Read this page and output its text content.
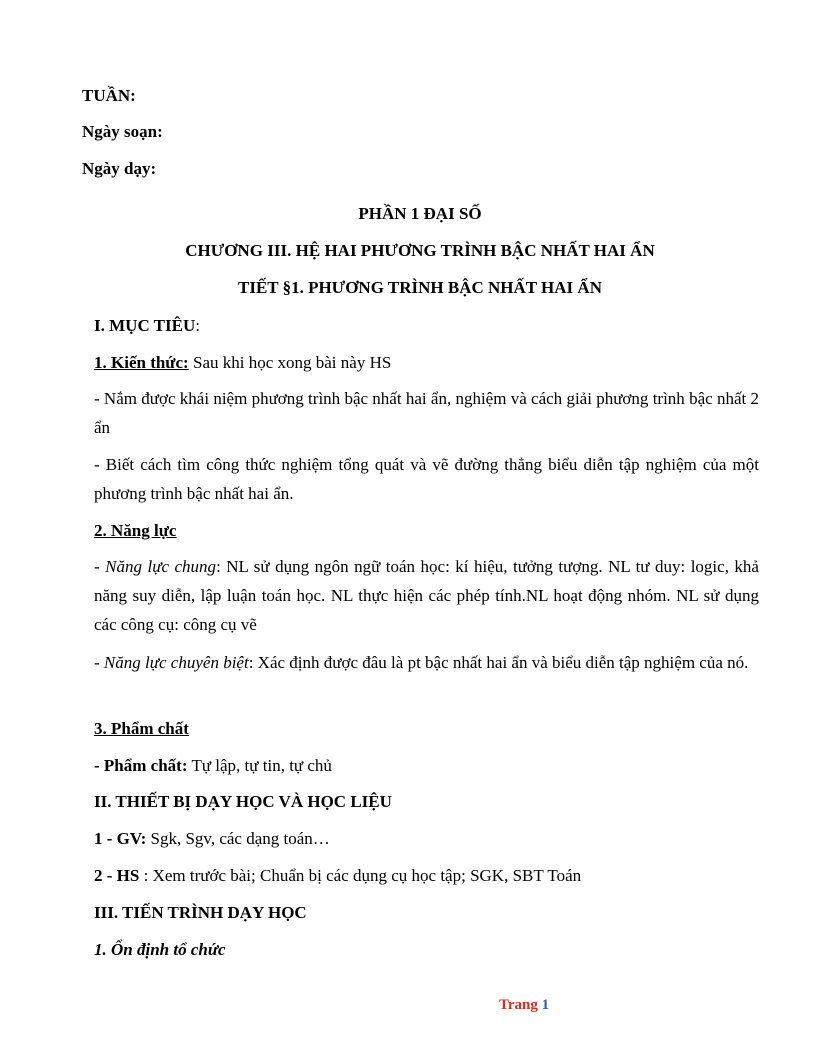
TUẦN:
Ngày soạn:
Ngày dạy:
PHẦN 1 ĐẠI SỐ
CHƯƠNG III. HỆ HAI PHƯƠNG TRÌNH BẬC NHẤT HAI ẨN
TIẾT §1. PHƯƠNG TRÌNH BẬC NHẤT HAI ẨN
I. MỤC TIÊU:
1. Kiến thức: Sau khi học xong bài này HS
- Nắm được khái niệm phương trình bậc nhất hai ẩn, nghiệm và cách giải phương trình bậc nhất 2 ẩn
- Biết cách tìm công thức nghiệm tổng quát và vẽ đường thẳng biểu diễn tập nghiệm của một phương trình bậc nhất hai ẩn.
2. Năng lực
- Năng lực chung: NL sử dụng ngôn ngữ toán học: kí hiệu, tưởng tượng. NL tư duy: logic, khả năng suy diễn, lập luận toán học. NL thực hiện các phép tính.NL hoạt động nhóm. NL sử dụng các công cụ: công cụ vẽ
- Năng lực chuyên biệt: Xác định được đâu là pt bậc nhất hai ẩn và biểu diễn tập nghiệm của nó.
3. Phẩm chất
- Phẩm chất: Tự lập, tự tin, tự chủ
II. THIẾT BỊ DẠY HỌC VÀ HỌC LIỆU
1 - GV: Sgk, Sgv, các dạng toán…
2 - HS : Xem trước bài; Chuẩn bị các dụng cụ học tập; SGK, SBT Toán
III. TIẾN TRÌNH DẠY HỌC
1. Ổn định tổ chức
Trang 1
